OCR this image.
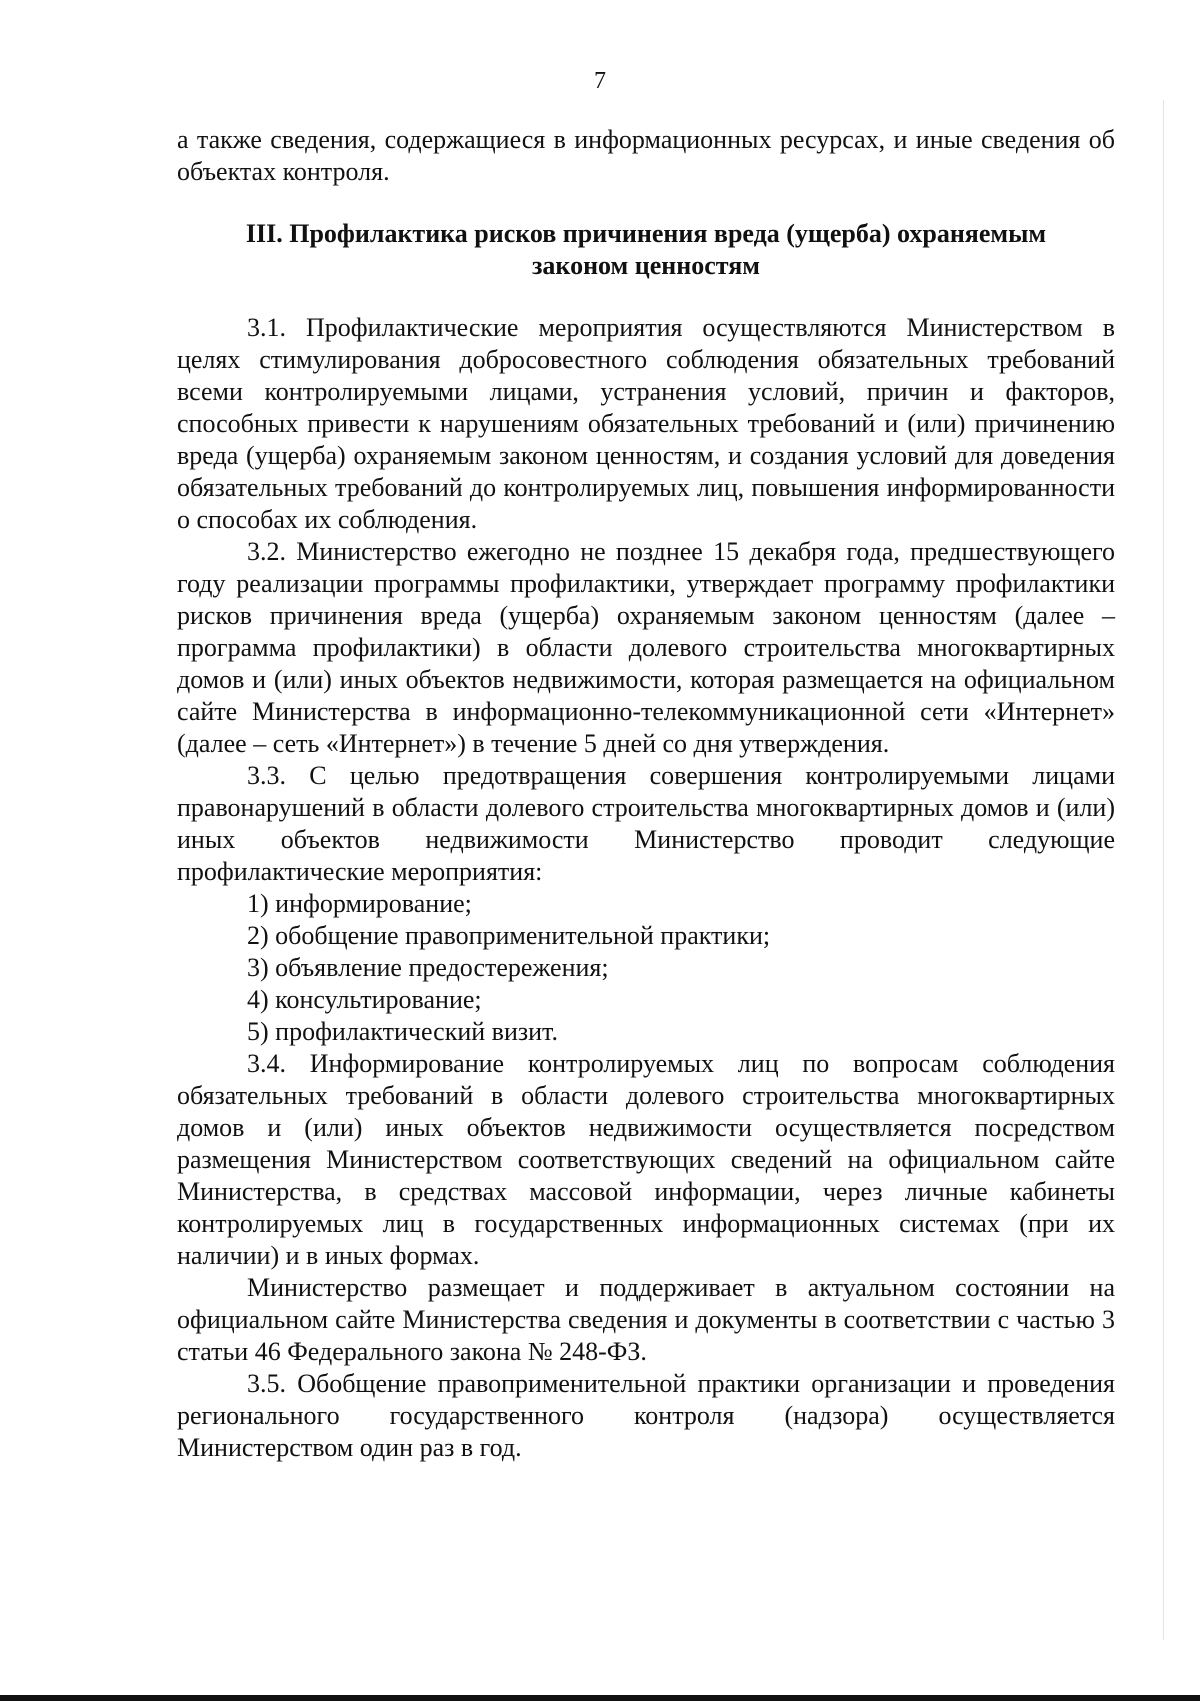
7

а также сведения, содержащиеся в информационных ресурсах, и иные сведения об объектах контроля.

III. Профилактика рисков причинения вреда (ущерба) охраняемым
законом ценностям

3.1. Профилактические мероприятия осуществляются Министерством в целях стимулирования добросовестного соблюдения обязательных требований всеми контролируемыми лицами, устранения условий, причин и факторов, способных привести к нарушениям обязательных требований и (или) причинению вреда (ущерба) охраняемым законом ценностям, и создания условий для доведения обязательных требований до контролируемых лиц, повышения информированности о способах их соблюдения.

3.2. Министерство ежегодно не позднее 15 декабря года, предшествующего году реализации программы профилактики, утверждает программу профилактики рисков причинения вреда (ущерба) охраняемым законом ценностям (далее – программа профилактики) в области долевого строительства многоквартирных домов и (или) иных объектов недвижимости, которая размещается на официальном сайте Министерства в информационно-телекоммуникационной сети «Интернет» (далее – сеть «Интернет») в течение 5 дней со дня утверждения.

3.3. С целью предотвращения совершения контролируемыми лицами правонарушений в области долевого строительства многоквартирных домов и (или) иных объектов недвижимости Министерство проводит следующие профилактические мероприятия:

1) информирование;

2) обобщение правоприменительной практики;

3) объявление предостережения;

4) консультирование;

5) профилактический визит.

3.4. Информирование контролируемых лиц по вопросам соблюдения обязательных требований в области долевого строительства многоквартирных домов и (или) иных объектов недвижимости осуществляется посредством размещения Министерством соответствующих сведений на официальном сайте Министерства, в средствах массовой информации, через личные кабинеты контролируемых лиц в государственных информационных системах (при их наличии) и в иных формах.

Министерство размещает и поддерживает в актуальном состоянии на официальном сайте Министерства сведения и документы в соответствии с частью 3 статьи 46 Федерального закона № 248-ФЗ.

3.5. Обобщение правоприменительной практики организации и проведения регионального государственного контроля (надзора) осуществляется Министерством один раз в год.
